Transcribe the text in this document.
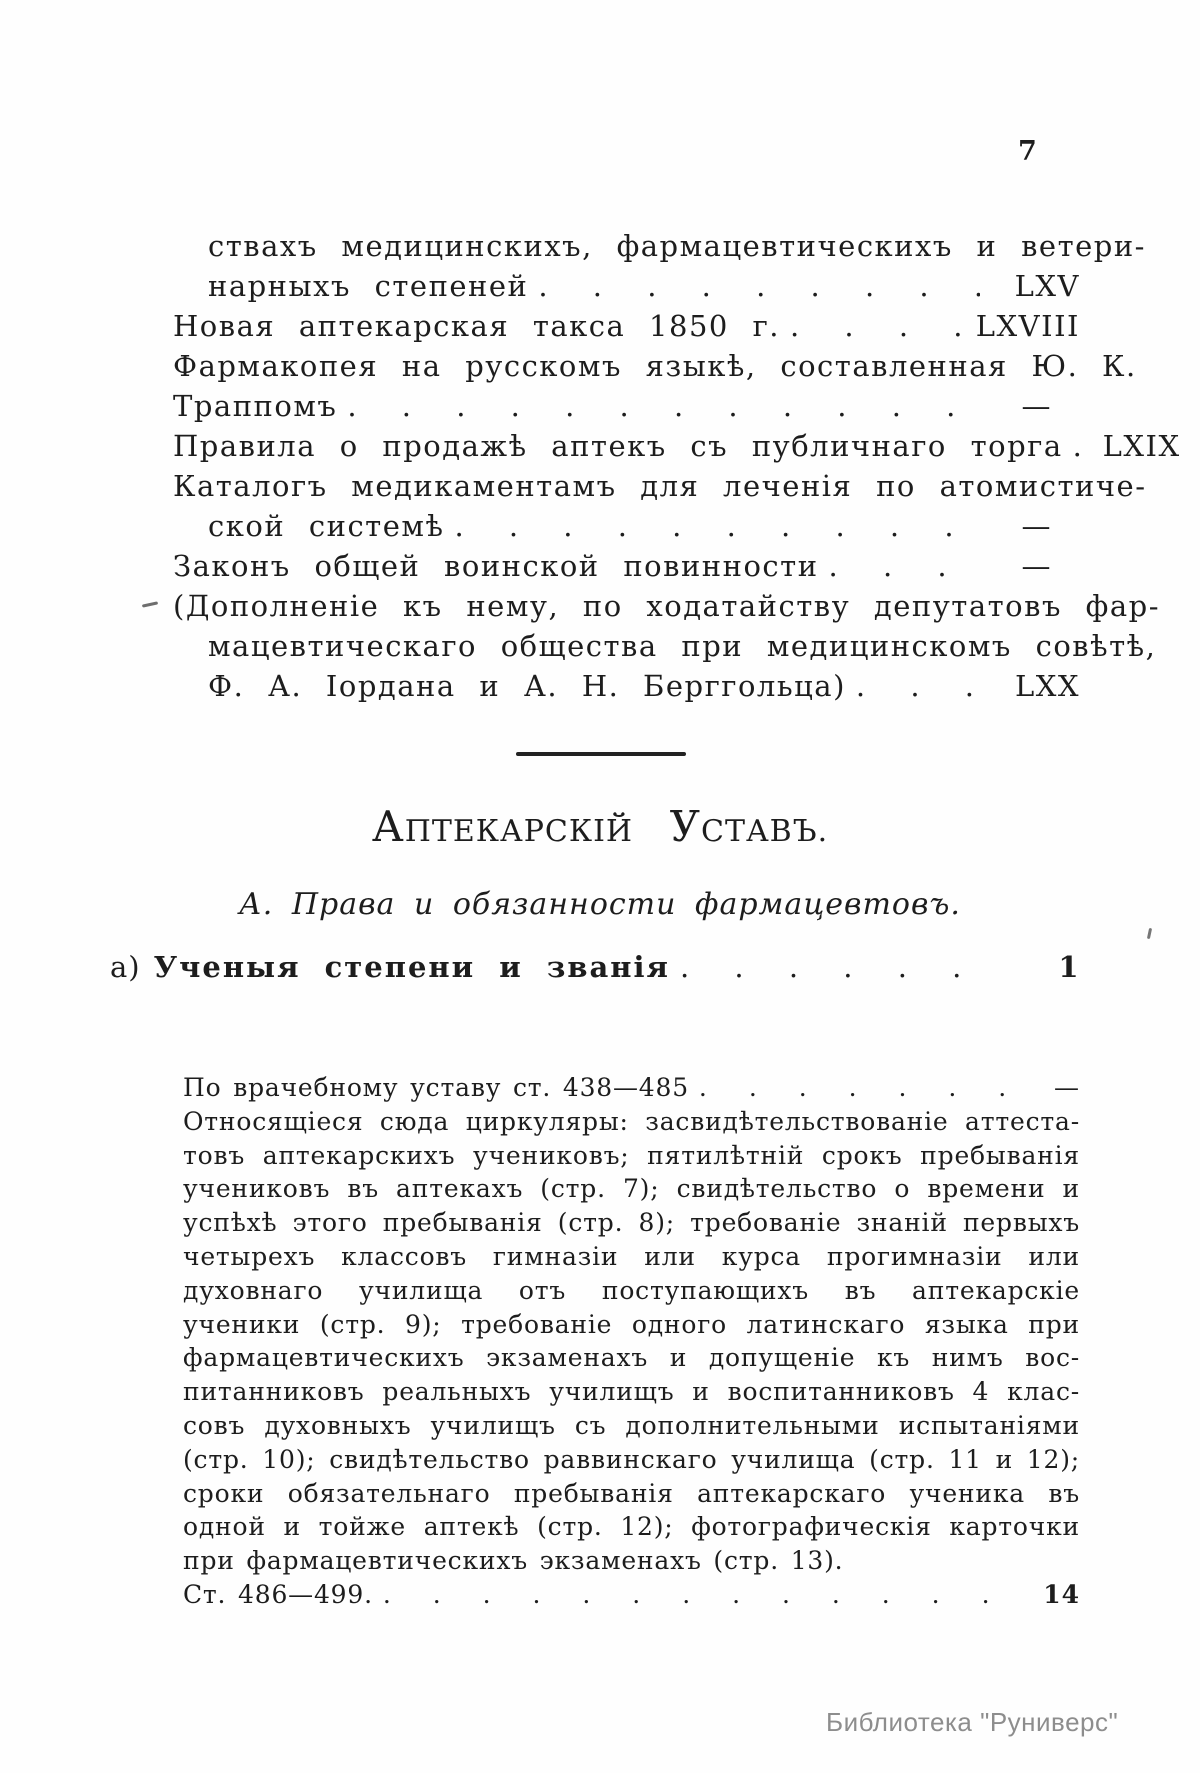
7
ствахъ медицинскихъ, фармацевтическихъ и ветери-
нарныхъ степеней . . .	LXV
Новая аптекарская такса 1850 г. . . .	LXVIII
Фармакопея на русскомъ языкѣ, составленная Ю. К.
Траппомъ . . .	—
Правила о продажѣ аптекъ съ публичнаго торга . . .	LXIX
Каталогъ медикаментамъ для леченія по атомистиче-
ской системѣ . . .	—
Законъ общей воинской повинности . . .	—
(Дополненіе къ нему, по ходатайству депутатовъ фар-
мацевтическаго общества при медицинскомъ совѣтѣ,
Ф. А. Іордана и А. Н. Берггольца) . . .	LXX
АПТЕКАРСКІЙ УСТАВЪ.
А. Права и обязанности фармацевтовъ.
а) Ученыя степени и званія . . .	1
По врачебному уставу ст. 438—485 . . .	—
Относящіеся сюда циркуляры: засвидѣтельствованіе аттеста-
товъ аптекарскихъ учениковъ; пятилѣтній срокъ пребыванія
учениковъ въ аптекахъ (стр. 7); свидѣтельство о времени и
успѣхѣ этого пребыванія (стр. 8); требованіе знаній первыхъ
четырехъ классовъ гимназіи или курса прогимназіи или
духовнаго училища отъ поступающихъ въ аптекарскіе
ученики (стр. 9); требованіе одного латинскаго языка при
фармацевтическихъ экзаменахъ и допущеніе къ нимъ вос-
питанниковъ реальныхъ училищъ и воспитанниковъ 4 клас-
совъ духовныхъ училищъ съ дополнительными испытаніями
(стр. 10); свидѣтельство раввинскаго училища (стр. 11 и 12);
сроки обязательнаго пребыванія аптекарскаго ученика въ
одной и тойже аптекѣ (стр. 12); фотографическія карточки
при фармацевтическихъ экзаменахъ (стр. 13).
Ст. 486—499. . . .	14
Библиотека "Руниверс"
